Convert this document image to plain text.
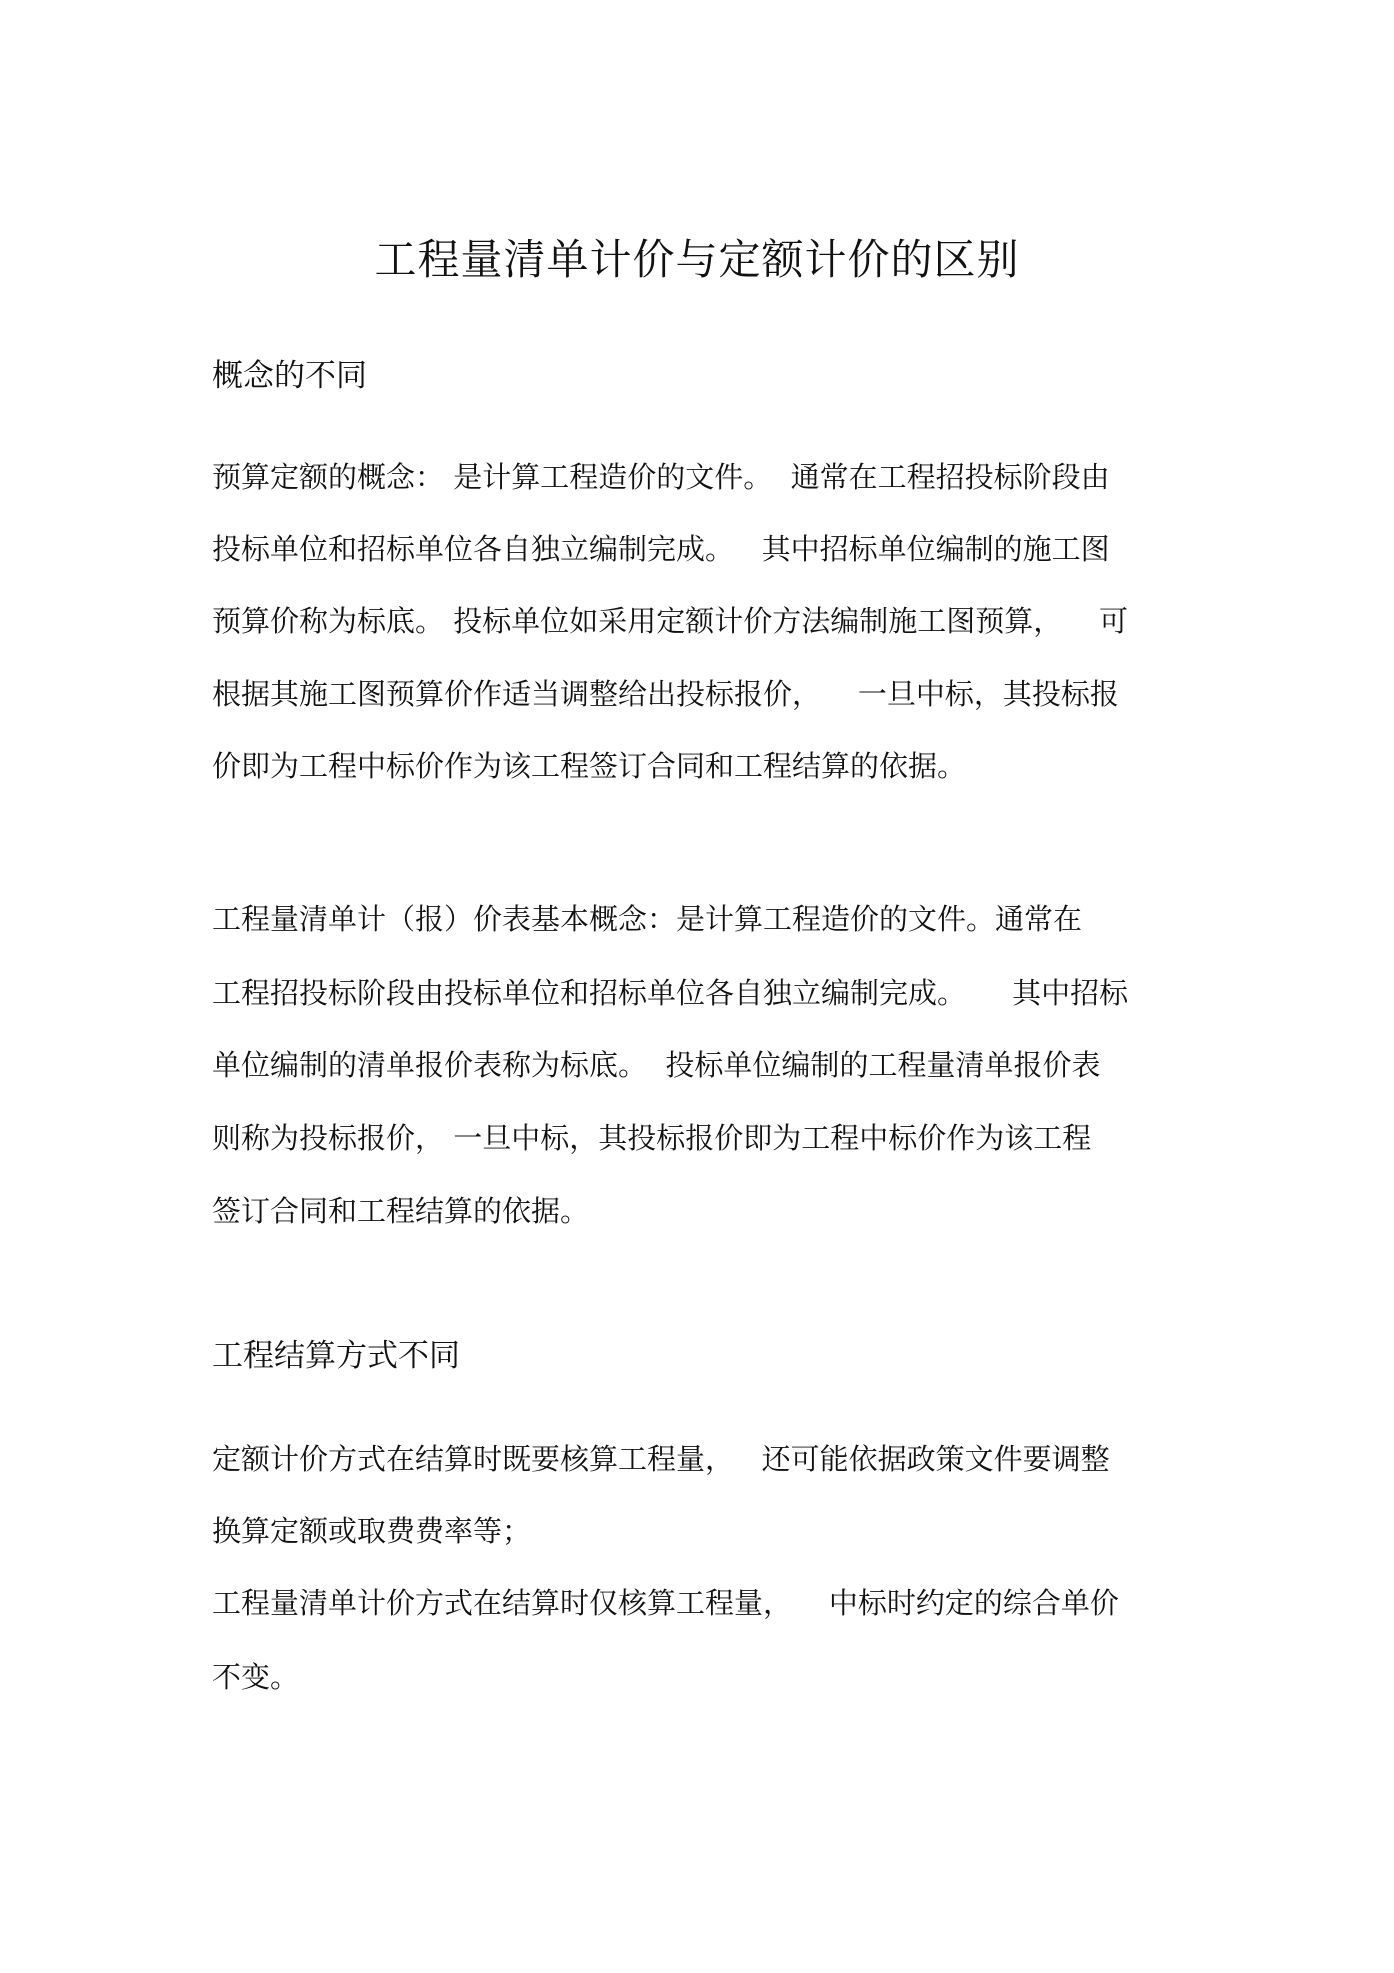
工程量清单计价与定额计价的区别
概念的不同
预算定额的概念： 是计算工程造价的文件。  通常在工程招投标阶段由
投标单位和招标单位各自独立编制完成。   其中招标单位编制的施工图
预算价称为标底。 投标单位如采用定额计价方法编制施工图预算，    可
根据其施工图预算价作适当调整给出投标报价，    一旦中标，其投标报
价即为工程中标价作为该工程签订合同和工程结算的依据。
工程量清单计（报）价表基本概念：是计算工程造价的文件。通常在
工程招投标阶段由投标单位和招标单位各自独立编制完成。     其中招标
单位编制的清单报价表称为标底。  投标单位编制的工程量清单报价表
则称为投标报价， 一旦中标，其投标报价即为工程中标价作为该工程
签订合同和工程结算的依据。
工程结算方式不同
定额计价方式在结算时既要核算工程量，   还可能依据政策文件要调整
换算定额或取费费率等；
工程量清单计价方式在结算时仅核算工程量，    中标时约定的综合单价
不变。
